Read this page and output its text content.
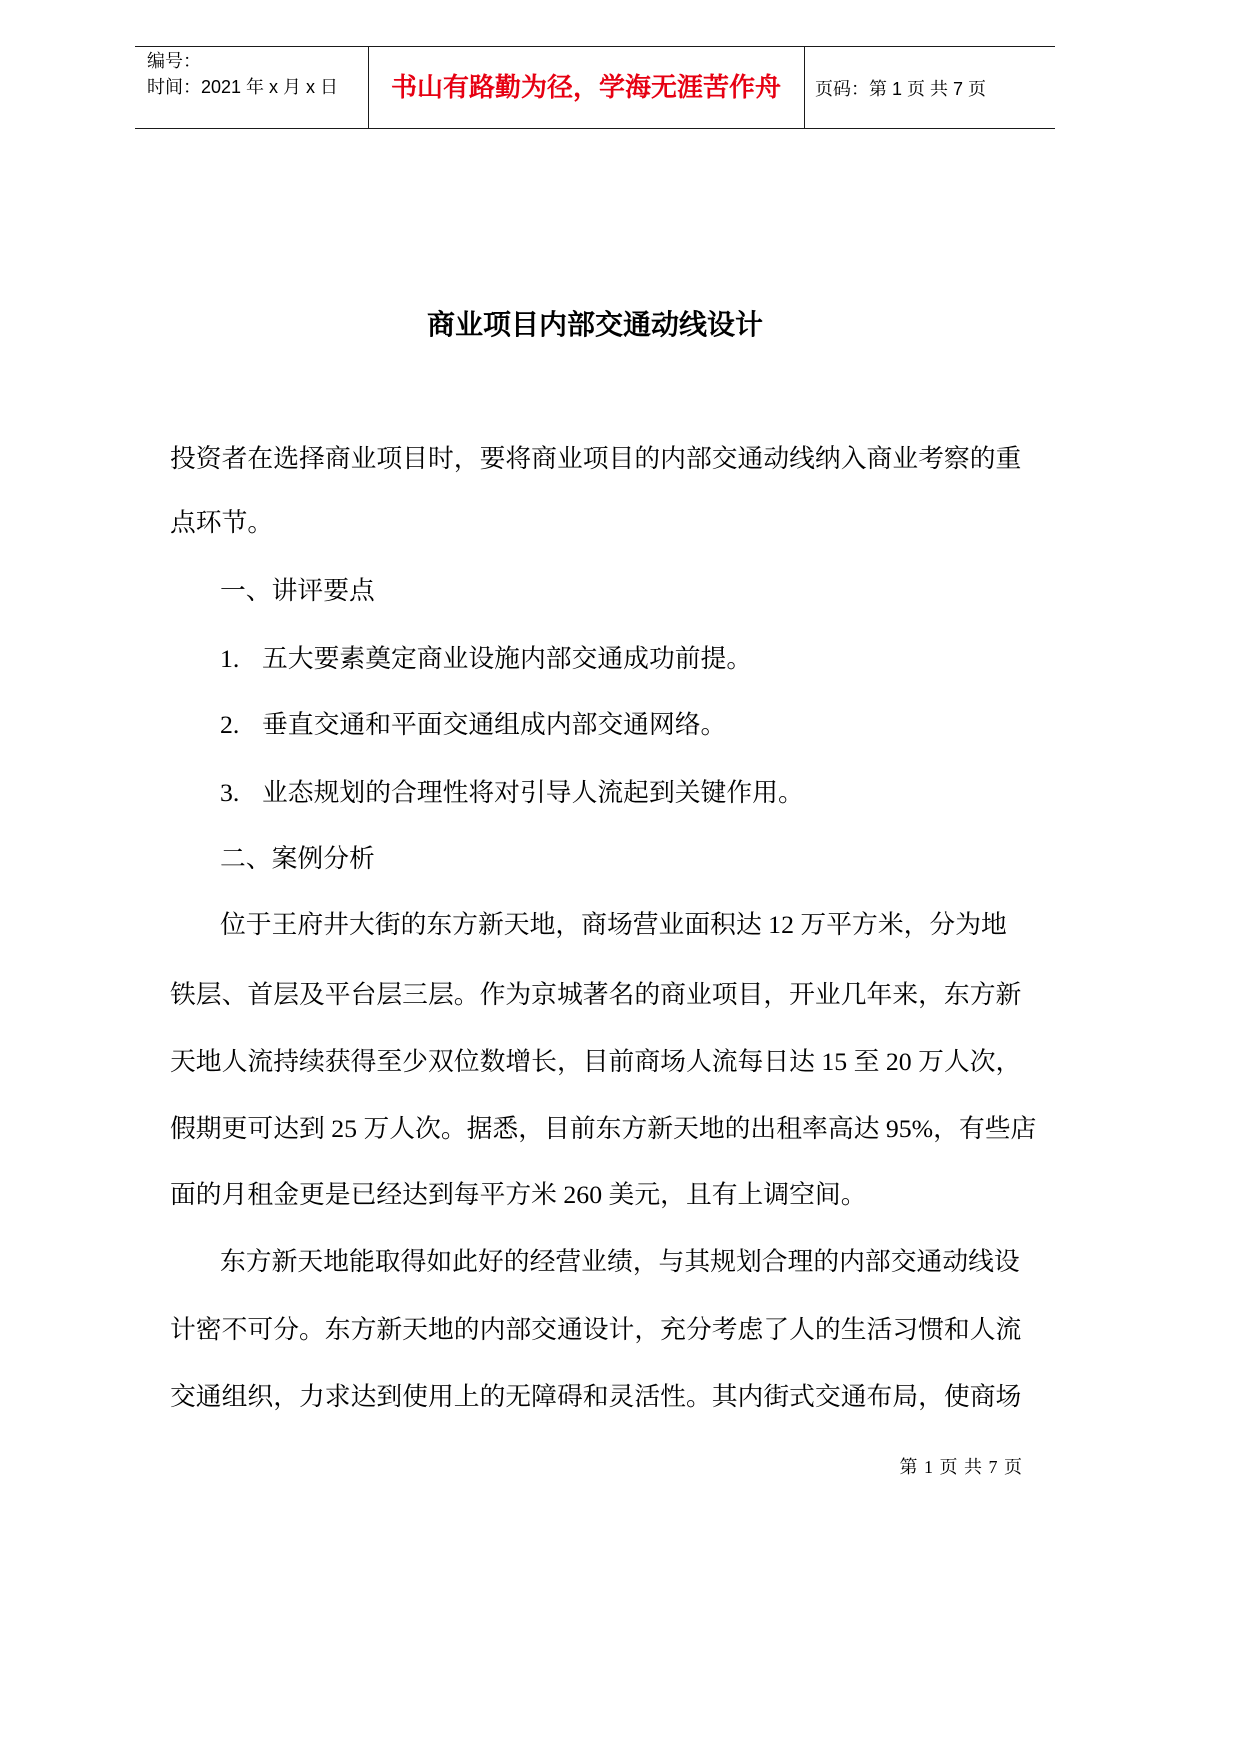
编号：
时间：2021 年 x 月 x 日	书山有路勤为径，学海无涯苦作舟	页码：第 1 页 共 7 页
商业项目内部交通动线设计
投资者在选择商业项目时，要将商业项目的内部交通动线纳入商业考察的重
点环节。
一、讲评要点
1. 五大要素奠定商业设施内部交通成功前提。
2. 垂直交通和平面交通组成内部交通网络。
3. 业态规划的合理性将对引导人流起到关键作用。
二、案例分析
位于王府井大街的东方新天地，商场营业面积达 12 万平方米，分为地
铁层、首层及平台层三层。作为京城著名的商业项目，开业几年来，东方新
天地人流持续获得至少双位数增长，目前商场人流每日达 15 至 20 万人次，
假期更可达到 25 万人次。据悉，目前东方新天地的出租率高达 95%，有些店
面的月租金更是已经达到每平方米 260 美元，且有上调空间。
东方新天地能取得如此好的经营业绩，与其规划合理的内部交通动线设
计密不可分。东方新天地的内部交通设计，充分考虑了人的生活习惯和人流
交通组织，力求达到使用上的无障碍和灵活性。其内街式交通布局，使商场
第 1 页 共 7 页
